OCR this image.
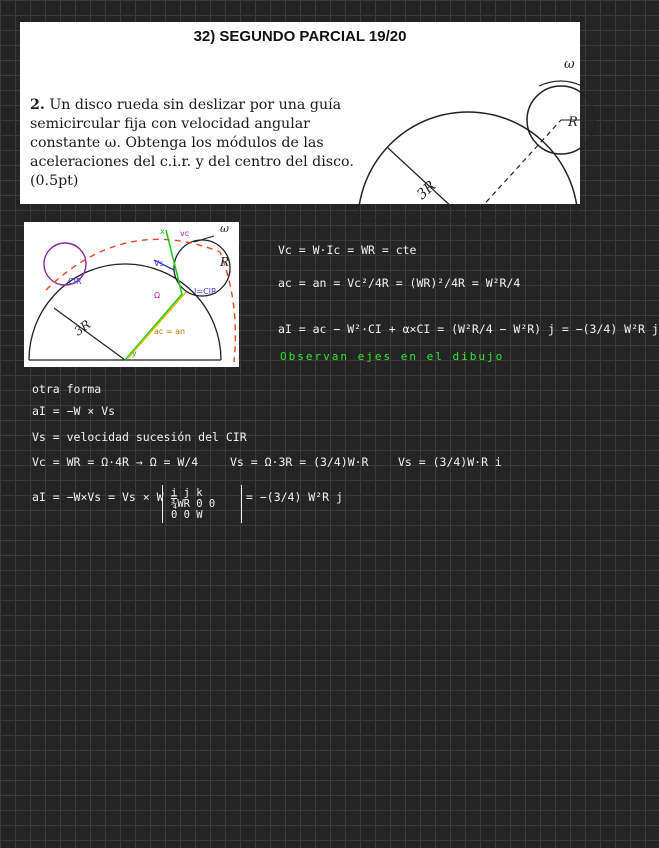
32) SEGUNDO PARCIAL 19/20
2. Un disco rueda sin deslizar por una guía semicircular fija con velocidad angular constante ω. Obtenga los módulos de las aceleraciones del c.i.r. y del centro del disco. (0.5pt)
ω
R
3R
ω
R
3R
vc
x
y
Vs
CIR
I=CIR
ac = an
Ω
Vc = W·Ic = WR = cte
ac = an = Vc²/4R = (WR)²/4R = W²R/4
aI = ac − W²·CI + α×CI = (W²R/4 − W²R) j = −(3/4) W²R j
Observan ejes en el dibujo
otra forma
aI = −W × Vs
Vs = velocidad sucesión del CIR
Vc = WR = Ω·4R → Ω = W/4	Vs = Ω·3R = (3/4)W·R	Vs = (3/4)W·R i
aI = −W×Vs = Vs × W =
i j k
¾WR 0 0
0 0 W
= −(3/4) W²R j
